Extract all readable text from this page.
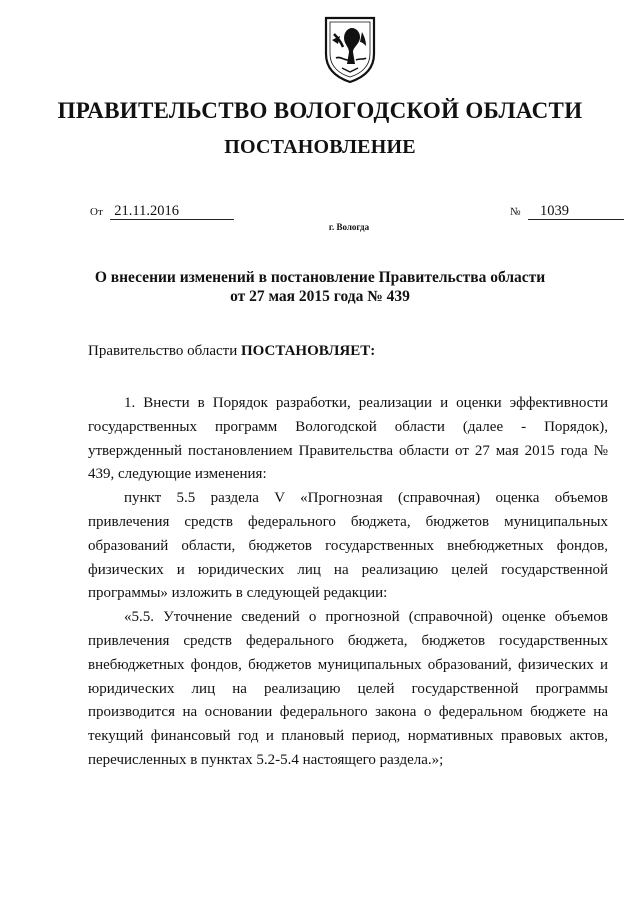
ПРАВИТЕЛЬСТВО ВОЛОГОДСКОЙ ОБЛАСТИ
ПОСТАНОВЛЕНИЕ
От 21.11.2016	№ 1039
г. Вологда
О внесении изменений в постановление Правительства области
от 27 мая 2015 года № 439
Правительство области ПОСТАНОВЛЯЕТ:

1. Внести в Порядок разработки, реализации и оценки эффективности государственных программ Вологодской области (далее - Порядок), утвержденный постановлением Правительства области от 27 мая 2015 года № 439, следующие изменения:

пункт 5.5 раздела V «Прогнозная (справочная) оценка объемов привлечения средств федерального бюджета, бюджетов муниципальных образований области, бюджетов государственных внебюджетных фондов, физических и юридических лиц на реализацию целей государственной программы» изложить в следующей редакции:

«5.5. Уточнение сведений о прогнозной (справочной) оценке объемов привлечения средств федерального бюджета, бюджетов государственных внебюджетных фондов, бюджетов муниципальных образований, физических и юридических лиц на реализацию целей государственной программы производится на основании федерального закона о федеральном бюджете на текущий финансовый год и плановый период, нормативных правовых актов, перечисленных в пунктах 5.2-5.4 настоящего раздела.»;
